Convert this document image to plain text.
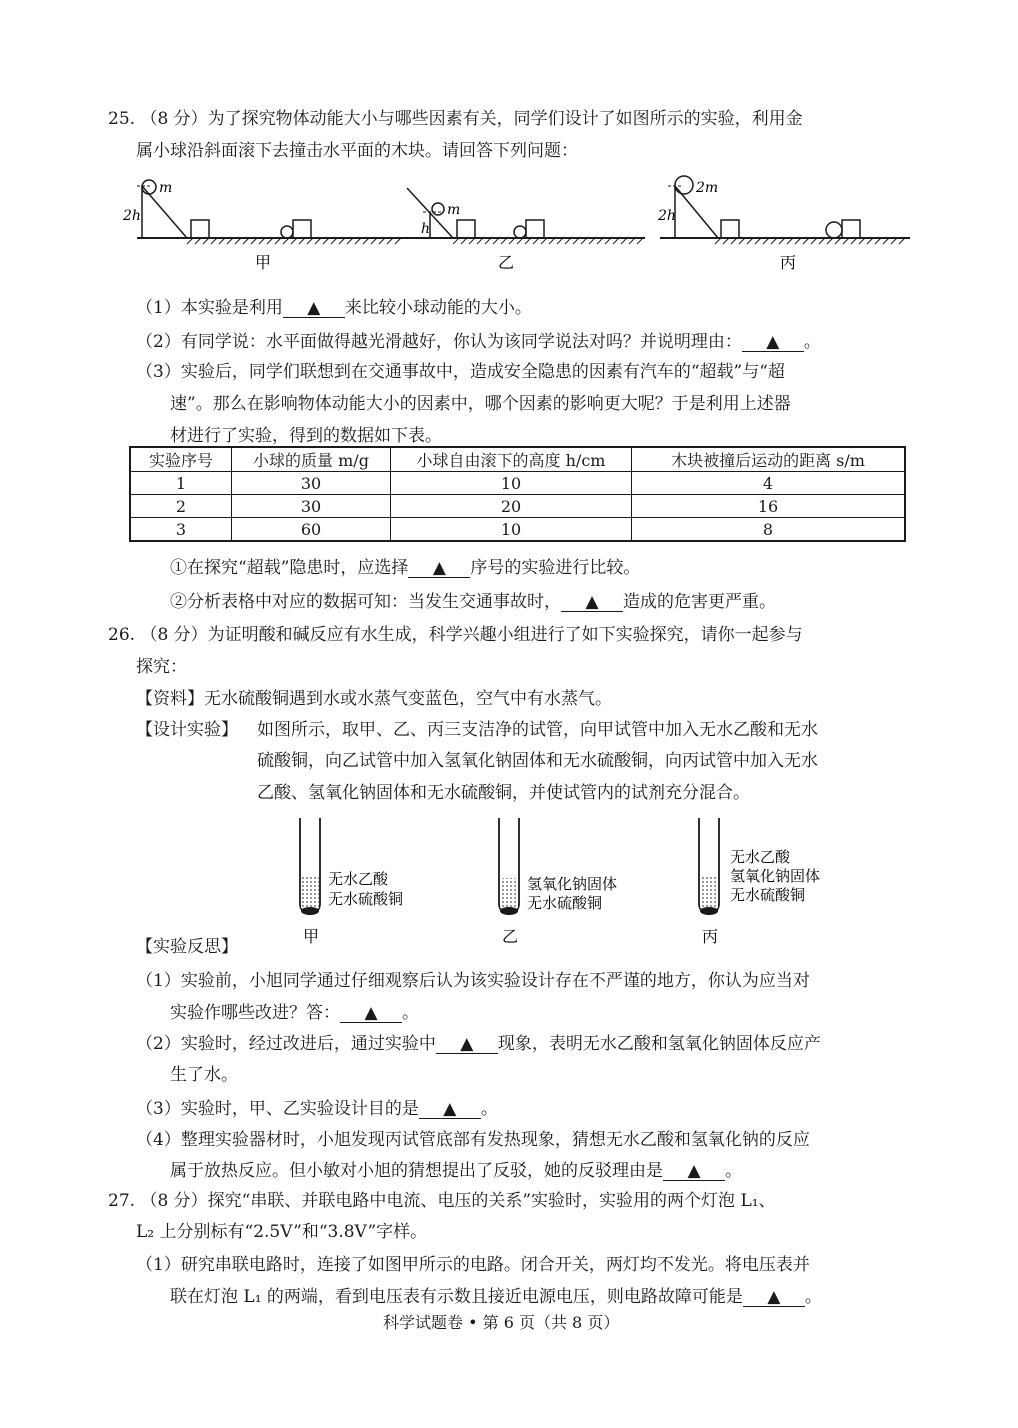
25. （8 分）为了探究物体动能大小与哪些因素有关，同学们设计了如图所示的实验，利用金
属小球沿斜面滚下去撞击水平面的木块。请回答下列问题：
m
2h
甲
m
h
乙
2m
2h
丙
（1）本实验是利用 ▲ 来比较小球动能的大小。
（2）有同学说：水平面做得越光滑越好，你认为该同学说法对吗？并说明理由： ▲ 。
（3）实验后，同学们联想到在交通事故中，造成安全隐患的因素有汽车的“超载”与“超
速”。那么在影响物体动能大小的因素中，哪个因素的影响更大呢？于是利用上述器
材进行了实验，得到的数据如下表。
实验序号	小球的质量 m/g	小球自由滚下的高度 h/cm	木块被撞后运动的距离 s/m
1	30	10	4
2	30	20	16
3	60	10	8
①在探究“超载”隐患时，应选择 ▲ 序号的实验进行比较。
②分析表格中对应的数据可知：当发生交通事故时， ▲ 造成的危害更严重。
26. （8 分）为证明酸和碱反应有水生成，科学兴趣小组进行了如下实验探究，请你一起参与
探究：
【资料】无水硫酸铜遇到水或水蒸气变蓝色，空气中有水蒸气。
【设计实验】 如图所示，取甲、乙、丙三支洁净的试管，向甲试管中加入无水乙酸和无水
硫酸铜，向乙试管中加入氢氧化钠固体和无水硫酸铜，向丙试管中加入无水
乙酸、氢氧化钠固体和无水硫酸铜，并使试管内的试剂充分混合。
无水乙酸
无水硫酸铜
氢氧化钠固体
无水硫酸铜
无水乙酸
氢氧化钠固体
无水硫酸铜
甲	乙	丙
【实验反思】
（1）实验前，小旭同学通过仔细观察后认为该实验设计存在不严谨的地方，你认为应当对
实验作哪些改进？答： ▲ 。
（2）实验时，经过改进后，通过实验中 ▲ 现象，表明无水乙酸和氢氧化钠固体反应产
生了水。
（3）实验时，甲、乙实验设计目的是 ▲ 。
（4）整理实验器材时，小旭发现丙试管底部有发热现象，猜想无水乙酸和氢氧化钠的反应
属于放热反应。但小敏对小旭的猜想提出了反驳，她的反驳理由是 ▲ 。
27. （8 分）探究“串联、并联电路中电流、电压的关系”实验时，实验用的两个灯泡 L₁、
L₂ 上分别标有“2.5V”和“3.8V”字样。
（1）研究串联电路时，连接了如图甲所示的电路。闭合开关，两灯均不发光。将电压表并
联在灯泡 L₁ 的两端，看到电压表有示数且接近电源电压，则电路故障可能是 ▲ 。
科学试题卷 • 第 6 页（共 8 页）
